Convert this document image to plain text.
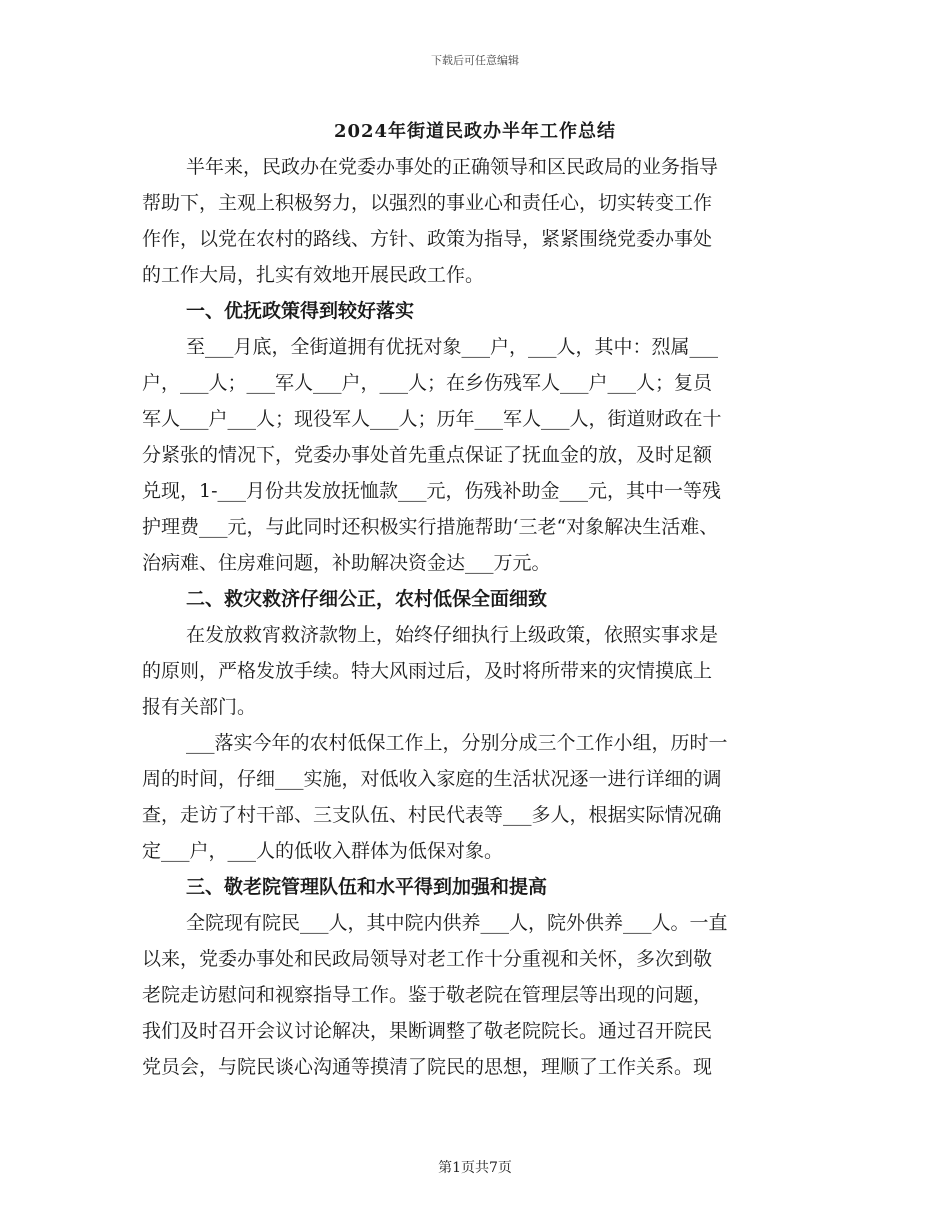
下载后可任意编辑
2024年街道民政办半年工作总结
半年来，民政办在党委办事处的正确领导和区民政局的业务指导
帮助下，主观上积极努力，以强烈的事业心和责任心，切实转变工作
作作，以党在农村的路线、方针、政策为指导，紧紧围绕党委办事处
的工作大局，扎实有效地开展民政工作。
一、优抚政策得到较好落实
至___月底，全街道拥有优抚对象___户，___人，其中：烈属___
户，___人；___军人___户，___人；在乡伤残军人___户___人；复员
军人___户___人；现役军人___人；历年___军人___人，街道财政在十
分紧张的情况下，党委办事处首先重点保证了抚血金的放，及时足额
兑现，1-___月份共发放抚恤款___元，伤残补助金___元，其中一等残
护理费___元，与此同时还积极实行措施帮助‘三老“对象解决生活难、
治病难、住房难问题，补助解决资金达___万元。
二、救灾救济仔细公正，农村低保全面细致
在发放救宵救济款物上，始终仔细执行上级政策，依照实事求是
的原则，严格发放手续。特大风雨过后，及时将所带来的灾情摸底上
报有关部门。
___落实今年的农村低保工作上，分别分成三个工作小组，历时一
周的时间，仔细___实施，对低收入家庭的生活状况逐一进行详细的调
查，走访了村干部、三支队伍、村民代表等___多人，根据实际情况确
定___户，___人的低收入群体为低保对象。
三、敬老院管理队伍和水平得到加强和提高
全院现有院民___人，其中院内供养___人，院外供养___人。一直
以来，党委办事处和民政局领导对老工作十分重视和关怀，多次到敬
老院走访慰问和视察指导工作。鉴于敬老院在管理层等出现的问题，
我们及时召开会议讨论解决，果断调整了敬老院院长。通过召开院民
党员会，与院民谈心沟通等摸清了院民的思想，理顺了工作关系。现
第1页共7页
